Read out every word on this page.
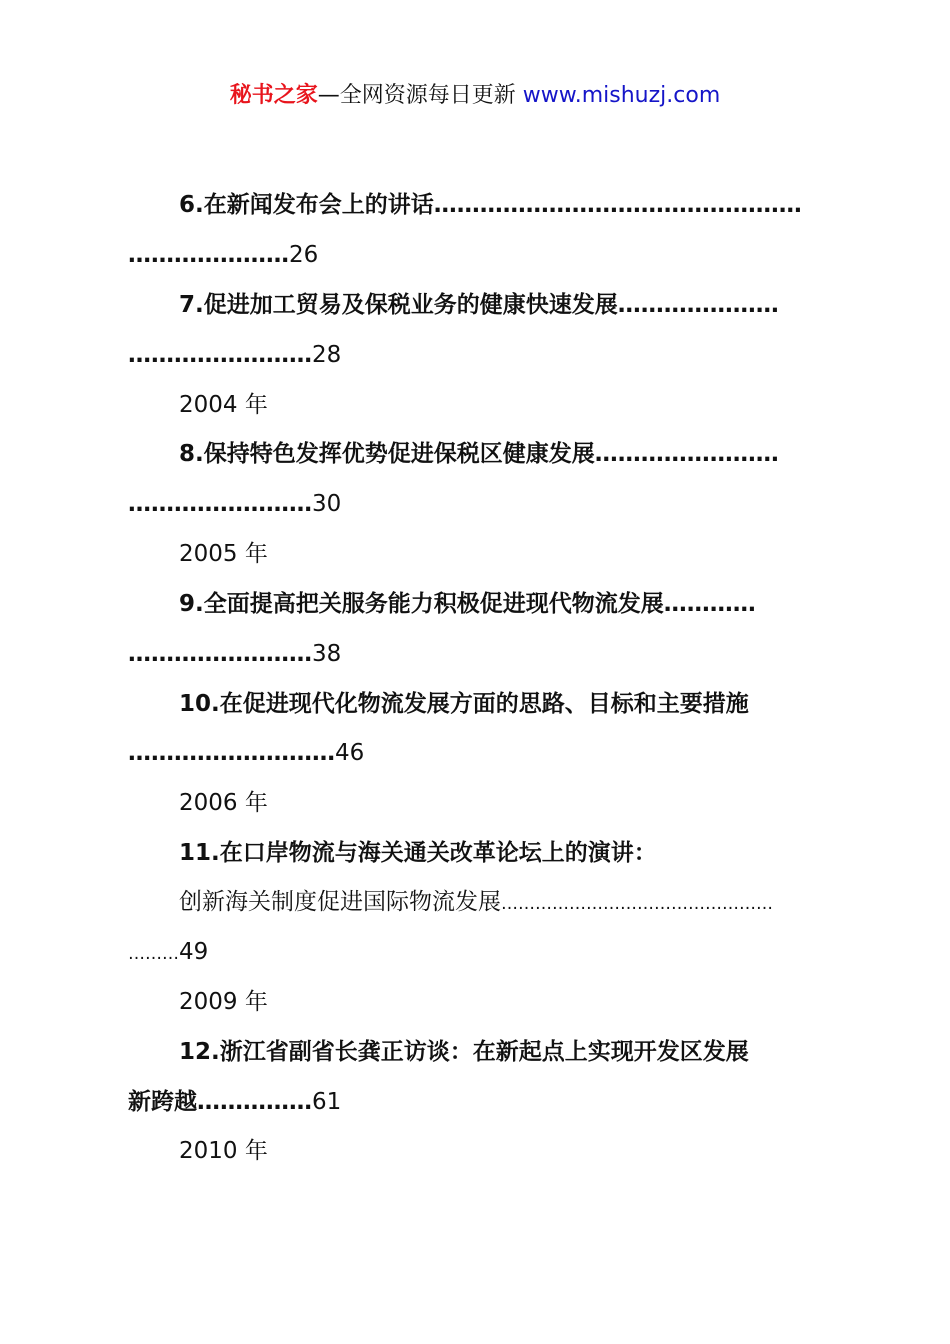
秘书之家—全网资源每日更新 www.mishuzj.com
6.在新闻发布会上的讲话…………………………………………
…………………26
7.促进加工贸易及保税业务的健康快速发展…………………
……………………28
2004 年
8.保持特色发挥优势促进保税区健康发展……………………
……………………30
2005 年
9.全面提高把关服务能力积极促进现代物流发展…………
……………………38
10.在促进现代化物流发展方面的思路、目标和主要措施
………………………46
2006 年
11.在口岸物流与海关通关改革论坛上的演讲：
创新海关制度促进国际物流发展…………………………………………
………49
2009 年
12.浙江省副省长龚正访谈：在新起点上实现开发区发展
新跨越……………61
2010 年
